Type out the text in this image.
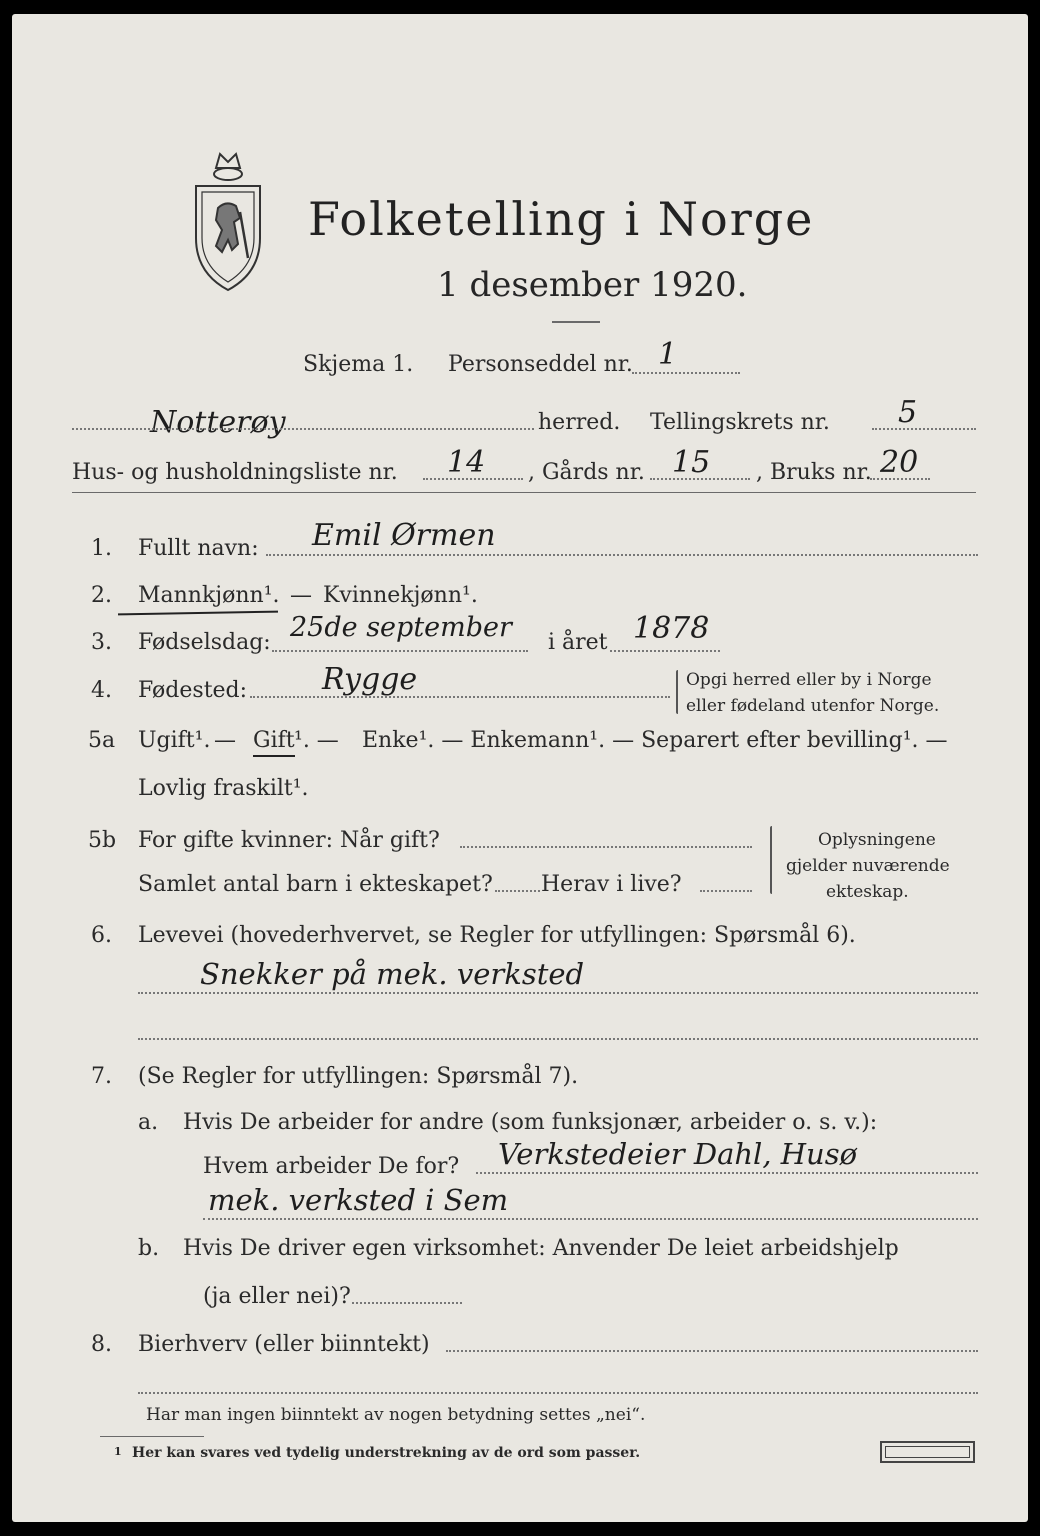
Folketelling i Norge
1 desember 1920.
Skjema 1. Personseddel nr. 1
Notterøy	herred. Tellingskrets nr. 5
Hus- og husholdningsliste nr. 14 , Gårds nr. 15 , Bruks nr. 20
1. Fullt navn: Emil Ørmen
2. Mannkjønn¹. — Kvinnekjønn¹.
3. Fødselsdag: 25de september i året 1878
4. Fødested: Rygge	Opgi herred eller by i Norge
eller fødeland utenfor Norge.
5a Ugift¹. — Gift ¹. — Enke¹. — Enkemann¹. — Separert efter bevilling¹. —
Lovlig fraskilt¹.
5b For gifte kvinner: Når gift?
Samlet antal barn i ekteskapet? Herav i live?
Oplysningene
gjelder nuværende
ekteskap.
6. Levevei (hovederhvervet, se Regler for utfyllingen: Spørsmål 6).
Snekker på mek. verksted
7. (Se Regler for utfyllingen: Spørsmål 7).
a. Hvis De arbeider for andre (som funksjonær, arbeider o. s. v.):
Hvem arbeider De for? Verkstedeier Dahl, Husø
mek. verksted i Sem
b. Hvis De driver egen virksomhet: Anvender De leiet arbeidshjelp
(ja eller nei)?
8. Bierhverv (eller biinntekt)
Har man ingen biinntekt av nogen betydning settes „nei“.
1 Her kan svares ved tydelig understrekning av de ord som passer.
